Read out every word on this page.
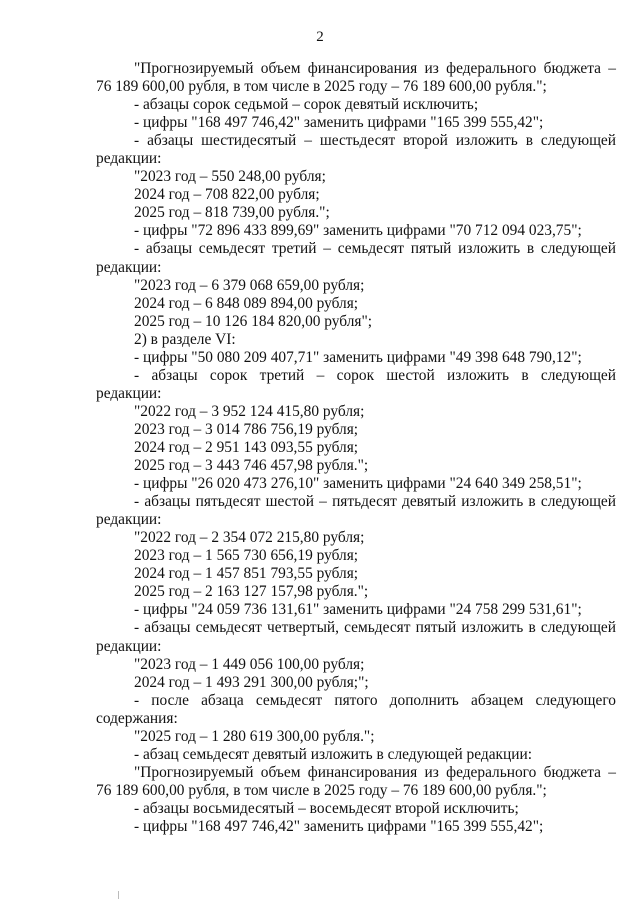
2
"Прогнозируемый объем финансирования из федерального бюджета –
76 189 600,00 рубля, в том числе в 2025 году – 76 189 600,00 рубля.";
- абзацы сорок седьмой – сорок девятый исключить;
- цифры "168 497 746,42" заменить цифрами "165 399 555,42";
- абзацы шестидесятый – шестьдесят второй изложить в следующей
редакции:
"2023 год – 550 248,00 рубля;
2024 год – 708 822,00 рубля;
2025 год – 818 739,00 рубля.";
- цифры "72 896 433 899,69" заменить цифрами "70 712 094 023,75";
- абзацы семьдесят третий – семьдесят пятый изложить в следующей
редакции:
"2023 год – 6 379 068 659,00 рубля;
2024 год – 6 848 089 894,00 рубля;
2025 год – 10 126 184 820,00 рубля";
2) в разделе VI:
- цифры "50 080 209 407,71" заменить цифрами "49 398 648 790,12";
- абзацы сорок третий – сорок шестой изложить в следующей
редакции:
"2022 год – 3 952 124 415,80 рубля;
2023 год – 3 014 786 756,19 рубля;
2024 год – 2 951 143 093,55 рубля;
2025 год – 3 443 746 457,98 рубля.";
- цифры "26 020 473 276,10" заменить цифрами "24 640 349 258,51";
- абзацы пятьдесят шестой – пятьдесят девятый изложить в следующей
редакции:
"2022 год – 2 354 072 215,80 рубля;
2023 год – 1 565 730 656,19 рубля;
2024 год – 1 457 851 793,55 рубля;
2025 год – 2 163 127 157,98 рубля.";
- цифры "24 059 736 131,61" заменить цифрами "24 758 299 531,61";
- абзацы семьдесят четвертый, семьдесят пятый изложить в следующей
редакции:
"2023 год – 1 449 056 100,00 рубля;
2024 год – 1 493 291 300,00 рубля;";
- после абзаца семьдесят пятого дополнить абзацем следующего
содержания:
"2025 год – 1 280 619 300,00 рубля.";
- абзац семьдесят девятый изложить в следующей редакции:
"Прогнозируемый объем финансирования из федерального бюджета –
76 189 600,00 рубля, в том числе в 2025 году – 76 189 600,00 рубля.";
- абзацы восьмидесятый – восемьдесят второй исключить;
- цифры "168 497 746,42" заменить цифрами "165 399 555,42";
